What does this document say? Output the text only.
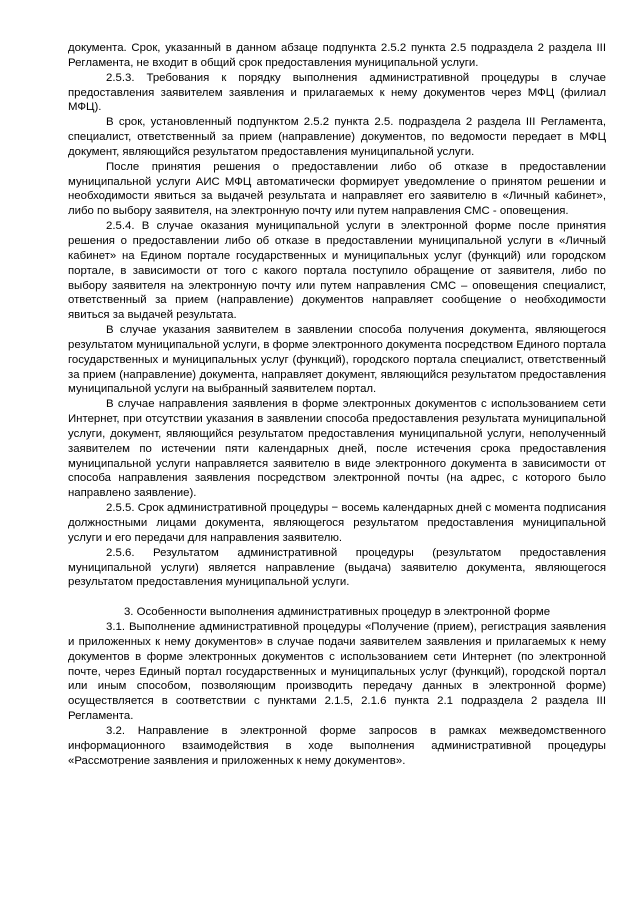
документа. Срок, указанный в данном абзаце подпункта 2.5.2 пункта 2.5 подраздела 2 раздела III Регламента, не входит в общий срок предоставления муниципальной услуги.

2.5.3. Требования к порядку выполнения административной процедуры в случае предоставления заявителем заявления и прилагаемых к нему документов через МФЦ (филиал МФЦ).

В срок, установленный подпунктом 2.5.2 пункта 2.5. подраздела 2 раздела III Регламента, специалист, ответственный за прием (направление) документов, по ведомости передает в МФЦ документ, являющийся результатом предоставления муниципальной услуги.

После принятия решения о предоставлении либо об отказе в предоставлении муниципальной услуги АИС МФЦ автоматически формирует уведомление о принятом решении и необходимости явиться за выдачей результата и направляет его заявителю в «Личный кабинет», либо по выбору заявителя, на электронную почту или путем направления СМС - оповещения.

2.5.4. В случае оказания муниципальной услуги в электронной форме после принятия решения о предоставлении либо об отказе в предоставлении муниципальной услуги в «Личный кабинет» на Едином портале государственных и муниципальных услуг (функций) или городском портале, в зависимости от того с какого портала поступило обращение от заявителя, либо по выбору заявителя на электронную почту или путем направления СМС – оповещения специалист, ответственный за прием (направление) документов направляет сообщение о необходимости явиться за выдачей результата.

В случае указания заявителем в заявлении способа получения документа, являющегося результатом муниципальной услуги, в форме электронного документа посредством Единого портала государственных и муниципальных услуг (функций), городского портала специалист, ответственный за прием (направление) документа, направляет документ, являющийся результатом предоставления муниципальной услуги на выбранный заявителем портал.

В случае направления заявления в форме электронных документов с использованием сети Интернет, при отсутствии указания в заявлении способа предоставления результата муниципальной услуги, документ, являющийся результатом предоставления муниципальной услуги, неполученный заявителем по истечении пяти календарных дней, после истечения срока предоставления муниципальной услуги направляется заявителю в виде электронного документа в зависимости от способа направления заявления посредством электронной почты (на адрес, с которого было направлено заявление).

2.5.5. Срок административной процедуры − восемь календарных дней с момента подписания должностными лицами документа, являющегося результатом предоставления муниципальной услуги и его передачи для направления заявителю.

2.5.6. Результатом административной процедуры (результатом предоставления муниципальной услуги) является направление (выдача) заявителю документа, являющегося результатом предоставления муниципальной услуги.

3. Особенности выполнения административных процедур в электронной форме

3.1. Выполнение административной процедуры «Получение (прием), регистрация заявления и приложенных к нему документов» в случае подачи заявителем заявления и прилагаемых к нему документов в форме электронных документов с использованием сети Интернет (по электронной почте, через Единый портал государственных и муниципальных услуг (функций), городской портал или иным способом, позволяющим производить передачу данных в электронной форме) осуществляется в соответствии с пунктами 2.1.5, 2.1.6 пункта 2.1 подраздела 2 раздела III Регламента.

3.2. Направление в электронной форме запросов в рамках межведомственного информационного взаимодействия в ходе выполнения административной процедуры «Рассмотрение заявления и приложенных к нему документов».
